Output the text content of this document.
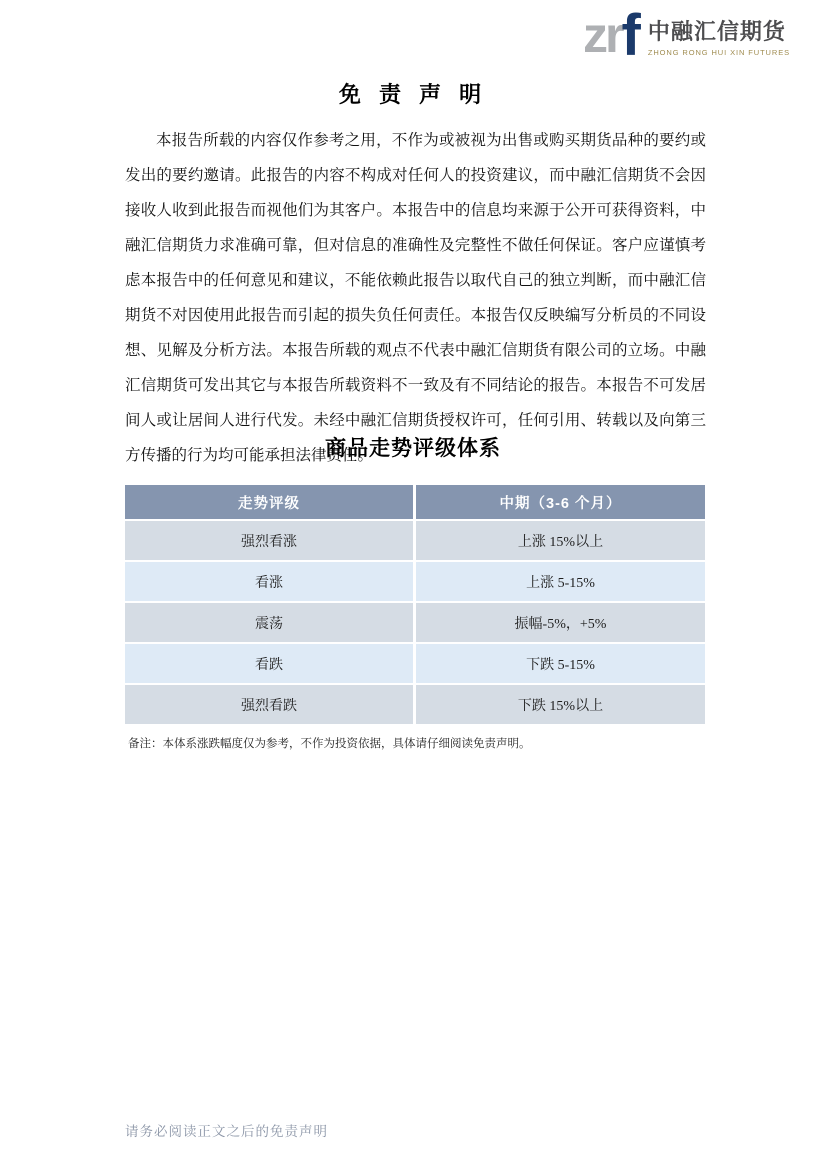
zr f 中融汇信期货
ZHONG RONG HUI XIN FUTURES
免 责 声 明

本报告所载的内容仅作参考之用，不作为或被视为出售或购买期货品种的要约或发出的要约邀请。此报告的内容不构成对任何人的投资建议，而中融汇信期货不会因接收人收到此报告而视他们为其客户。本报告中的信息均来源于公开可获得资料，中融汇信期货力求准确可靠，但对信息的准确性及完整性不做任何保证。客户应谨慎考虑本报告中的任何意见和建议，不能依赖此报告以取代自己的独立判断，而中融汇信期货不对因使用此报告而引起的损失负任何责任。本报告仅反映编写分析员的不同设想、见解及分析方法。本报告所载的观点不代表中融汇信期货有限公司的立场。中融汇信期货可发出其它与本报告所载资料不一致及有不同结论的报告。本报告不可发居间人或让居间人进行代发。未经中融汇信期货授权许可，任何引用、转载以及向第三方传播的行为均可能承担法律责任。

商品走势评级体系
走势评级	中期（3-6 个月）
强烈看涨	上涨 15%以上
看涨	上涨 5-15%
震荡	振幅-5%，+5%
看跌	下跌 5-15%
强烈看跌	下跌 15%以上

备注：本体系涨跌幅度仅为参考，不作为投资依据，具体请仔细阅读免责声明。

请务必阅读正文之后的免责声明
